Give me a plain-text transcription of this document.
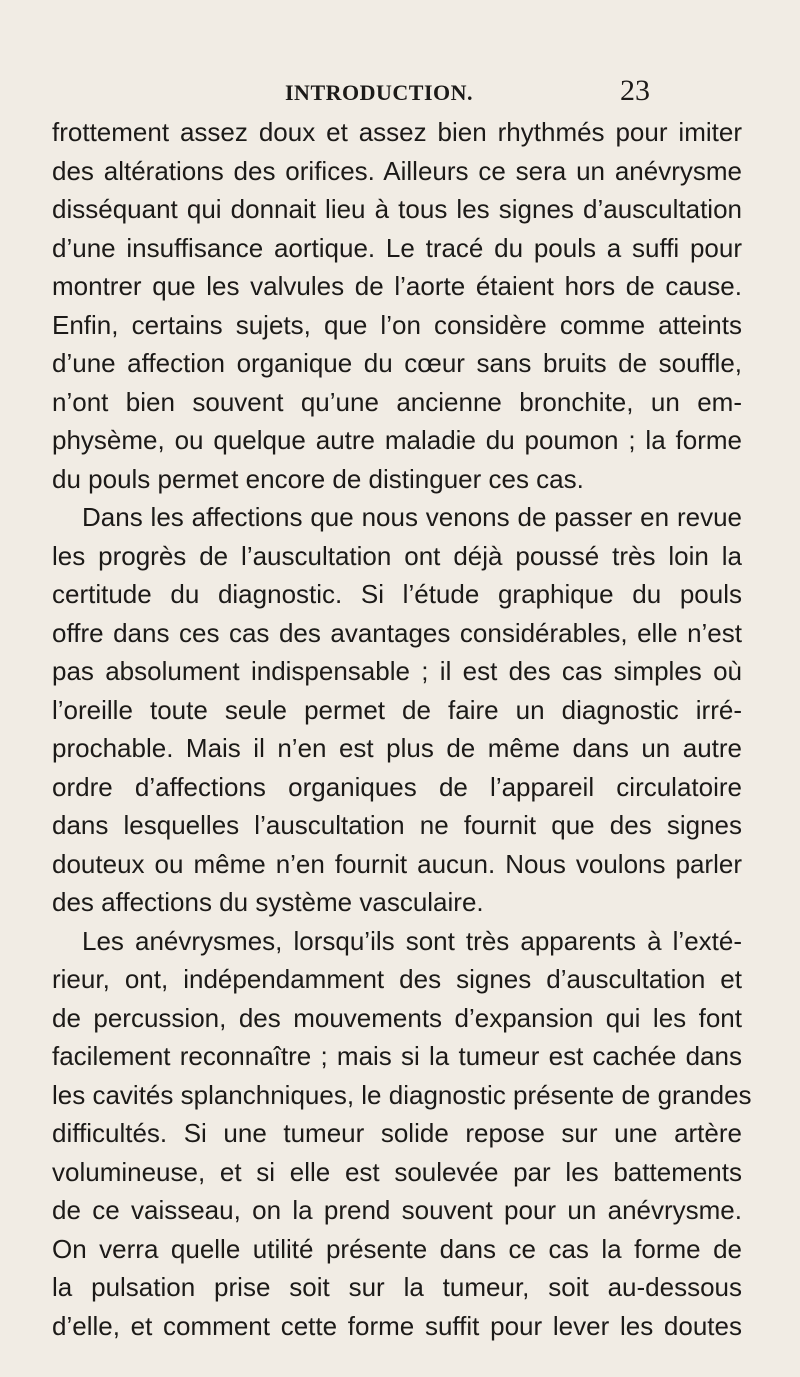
INTRODUCTION.	23
frottement assez doux et assez bien rhythmés pour imiter
des altérations des orifices. Ailleurs ce sera un anévrysme
disséquant qui donnait lieu à tous les signes d’auscultation
d’une insuffisance aortique. Le tracé du pouls a suffi pour
montrer que les valvules de l’aorte étaient hors de cause.
Enfin, certains sujets, que l’on considère comme atteints
d’une affection organique du cœur sans bruits de souffle,
n’ont bien souvent qu’une ancienne bronchite, un em-
physème, ou quelque autre maladie du poumon ; la forme
du pouls permet encore de distinguer ces cas.
Dans les affections que nous venons de passer en revue
les progrès de l’auscultation ont déjà poussé très loin la
certitude du diagnostic. Si l’étude graphique du pouls
offre dans ces cas des avantages considérables, elle n’est
pas absolument indispensable ; il est des cas simples où
l’oreille toute seule permet de faire un diagnostic irré-
prochable. Mais il n’en est plus de même dans un autre
ordre d’affections organiques de l’appareil circulatoire
dans lesquelles l’auscultation ne fournit que des signes
douteux ou même n’en fournit aucun. Nous voulons parler
des affections du système vasculaire.
Les anévrysmes, lorsqu’ils sont très apparents à l’exté-
rieur, ont, indépendamment des signes d’auscultation et
de percussion, des mouvements d’expansion qui les font
facilement reconnaître ; mais si la tumeur est cachée dans
les cavités splanchniques, le diagnostic présente de grandes
difficultés. Si une tumeur solide repose sur une artère
volumineuse, et si elle est soulevée par les battements
de ce vaisseau, on la prend souvent pour un anévrysme.
On verra quelle utilité présente dans ce cas la forme de
la pulsation prise soit sur la tumeur, soit au-dessous
d’elle, et comment cette forme suffit pour lever les doutes
